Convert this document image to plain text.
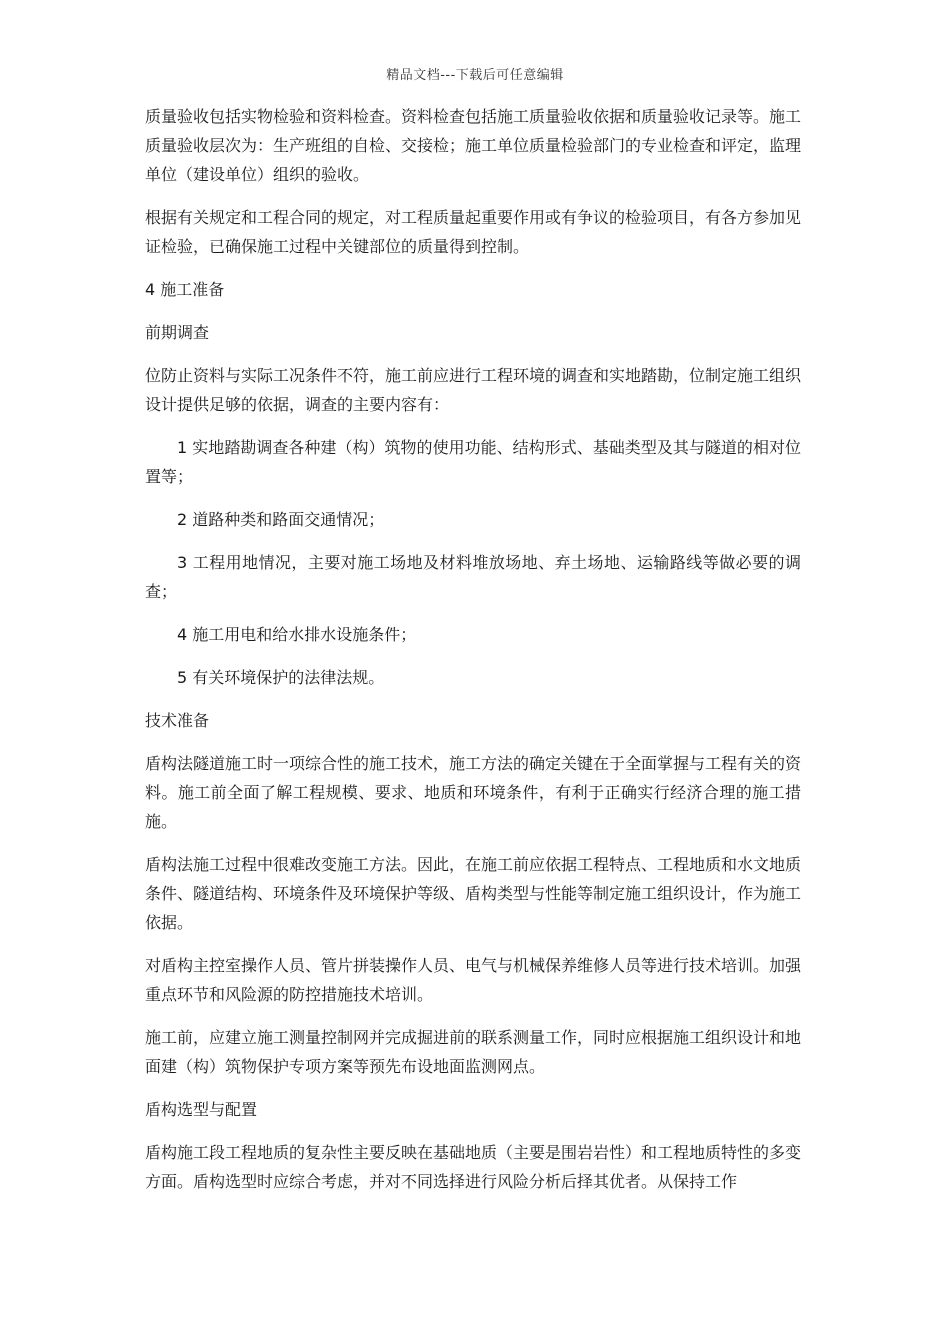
精品文档---下载后可任意编辑

质量验收包括实物检验和资料检查。资料检查包括施工质量验收依据和质量验收记录等。施工质量验收层次为：生产班组的自检、交接检；施工单位质量检验部门的专业检查和评定，监理单位（建设单位）组织的验收。

根据有关规定和工程合同的规定，对工程质量起重要作用或有争议的检验项目，有各方参加见证检验，已确保施工过程中关键部位的质量得到控制。

4 施工准备

前期调查

位防止资料与实际工况条件不符，施工前应进行工程环境的调查和实地踏勘，位制定施工组织设计提供足够的依据，调查的主要内容有：

1 实地踏勘调查各种建（构）筑物的使用功能、结构形式、基础类型及其与隧道的相对位置等；

2 道路种类和路面交通情况；

3 工程用地情况，主要对施工场地及材料堆放场地、弃土场地、运输路线等做必要的调查；

4 施工用电和给水排水设施条件；

5 有关环境保护的法律法规。

技术准备

盾构法隧道施工时一项综合性的施工技术，施工方法的确定关键在于全面掌握与工程有关的资料。施工前全面了解工程规模、要求、地质和环境条件，有利于正确实行经济合理的施工措施。

盾构法施工过程中很难改变施工方法。因此，在施工前应依据工程特点、工程地质和水文地质条件、隧道结构、环境条件及环境保护等级、盾构类型与性能等制定施工组织设计，作为施工依据。

对盾构主控室操作人员、管片拼装操作人员、电气与机械保养维修人员等进行技术培训。加强重点环节和风险源的防控措施技术培训。

施工前，应建立施工测量控制网并完成掘进前的联系测量工作，同时应根据施工组织设计和地面建（构）筑物保护专项方案等预先布设地面监测网点。

盾构选型与配置

盾构施工段工程地质的复杂性主要反映在基础地质（主要是围岩岩性）和工程地质特性的多变方面。盾构选型时应综合考虑，并对不同选择进行风险分析后择其优者。从保持工作
